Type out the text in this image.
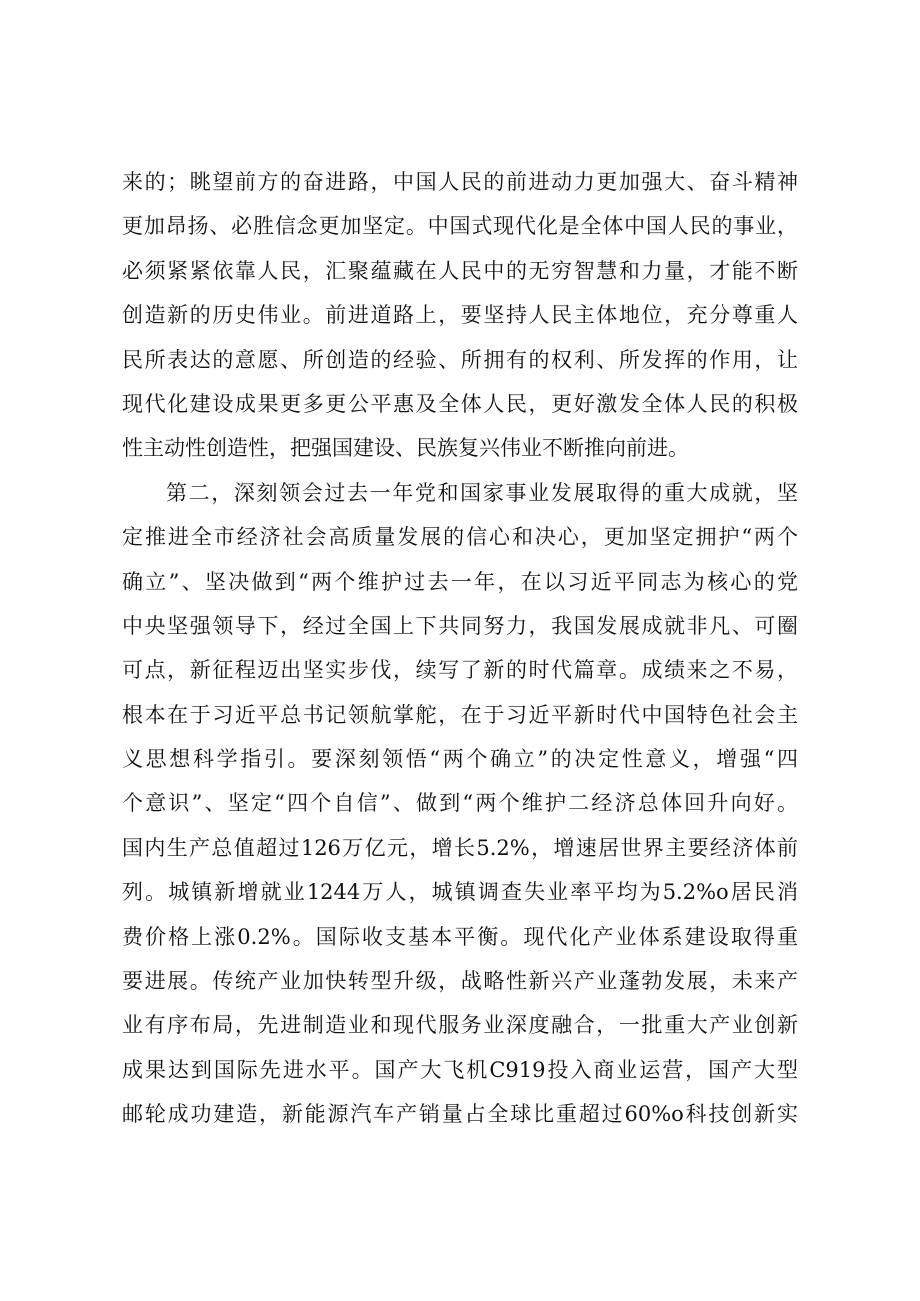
来的；眺望前方的奋进路，中国人民的前进动力更加强大、奋斗精神
更加昂扬、必胜信念更加坚定。中国式现代化是全体中国人民的事业，
必须紧紧依靠人民，汇聚蕴藏在人民中的无穷智慧和力量，才能不断
创造新的历史伟业。前进道路上，要坚持人民主体地位，充分尊重人
民所表达的意愿、所创造的经验、所拥有的权利、所发挥的作用，让
现代化建设成果更多更公平惠及全体人民，更好激发全体人民的积极
性主动性创造性，把强国建设、民族复兴伟业不断推向前进。
第二，深刻领会过去一年党和国家事业发展取得的重大成就，坚
定推进全市经济社会高质量发展的信心和决心，更加坚定拥护“两个
确立”、坚决做到“两个维护过去一年，在以习近平同志为核心的党
中央坚强领导下，经过全国上下共同努力，我国发展成就非凡、可圈
可点，新征程迈出坚实步伐，续写了新的时代篇章。成绩来之不易，
根本在于习近平总书记领航掌舵，在于习近平新时代中国特色社会主
义思想科学指引。要深刻领悟“两个确立”的决定性意义，增强“四
个意识”、坚定“四个自信”、做到“两个维护二经济总体回升向好。
国内生产总值超过126万亿元，增长5.2%，增速居世界主要经济体前
列。城镇新增就业1244万人，城镇调查失业率平均为5.2%o居民消
费价格上涨0.2%。国际收支基本平衡。现代化产业体系建设取得重
要进展。传统产业加快转型升级，战略性新兴产业蓬勃发展，未来产
业有序布局，先进制造业和现代服务业深度融合，一批重大产业创新
成果达到国际先进水平。国产大飞机C919投入商业运营，国产大型
邮轮成功建造，新能源汽车产销量占全球比重超过60%o科技创新实
